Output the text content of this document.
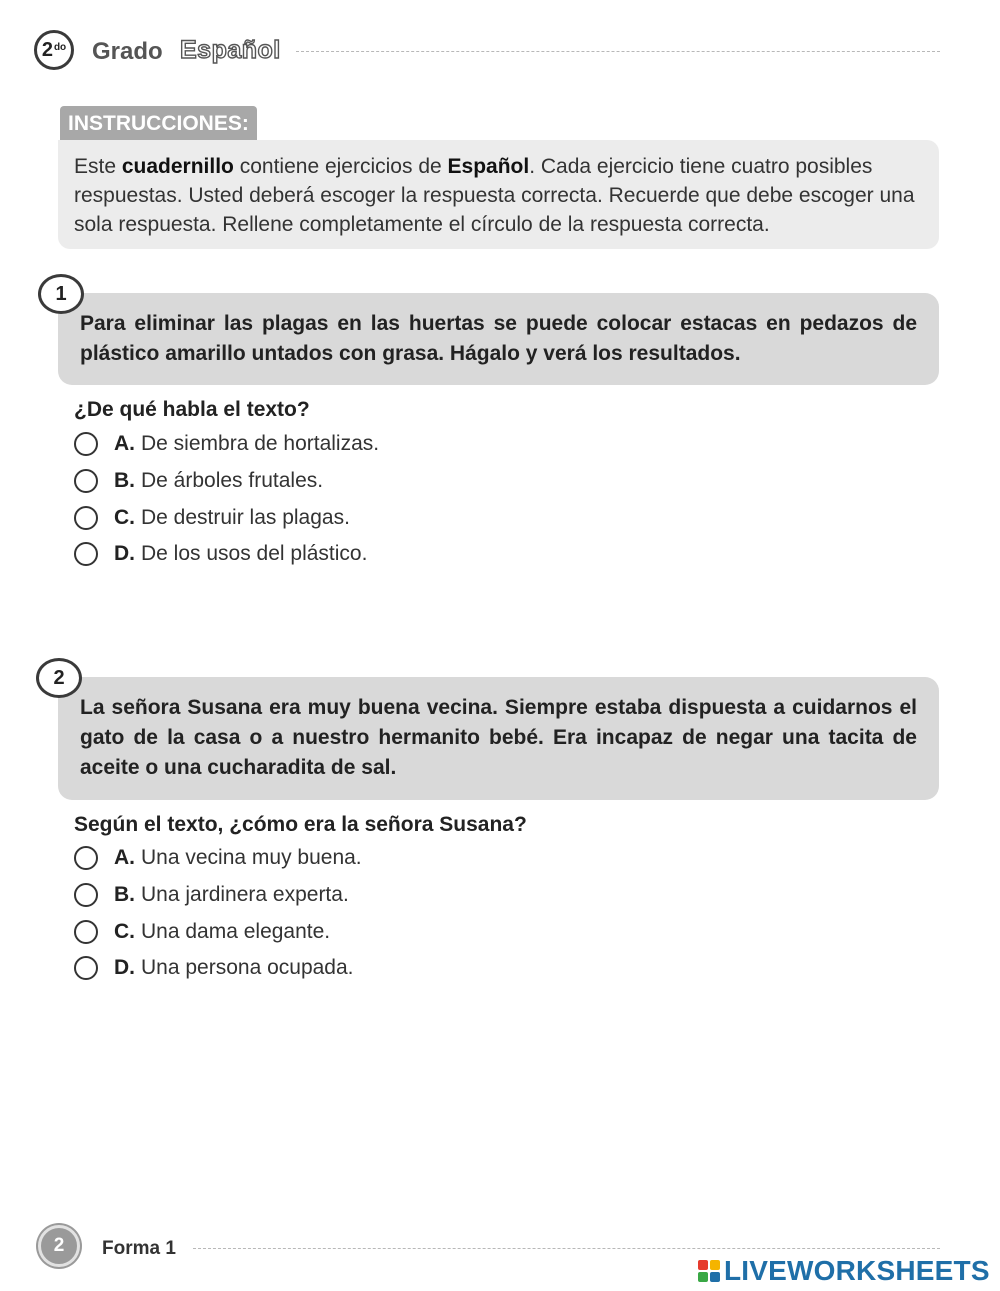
$2^{do}$ Grado Español
INSTRUCCIONES:
Este cuadernillo contiene ejercicios de Español. Cada ejercicio tiene cuatro posibles respuestas. Usted deberá escoger la respuesta correcta. Recuerde que debe escoger una sola respuesta. Rellene completamente el círculo de la respuesta correcta.
1
Para eliminar las plagas en las huertas se puede colocar estacas en pedazos de plástico amarillo untados con grasa. Hágalo y verá los resultados.
¿De qué habla el texto?
A. De siembra de hortalizas.
B. De árboles frutales.
C. De destruir las plagas.
D. De los usos del plástico.
2
La señora Susana era muy buena vecina. Siempre estaba dispuesta a cuidarnos el gato de la casa o a nuestro hermanito bebé. Era incapaz de negar una tacita de aceite o una cucharadita de sal.
Según el texto, ¿cómo era la señora Susana?
A. Una vecina muy buena.
B. Una jardinera experta.
C. Una dama elegante.
D. Una persona ocupada.
2 Forma 1
LIVEWORKSHEETS
